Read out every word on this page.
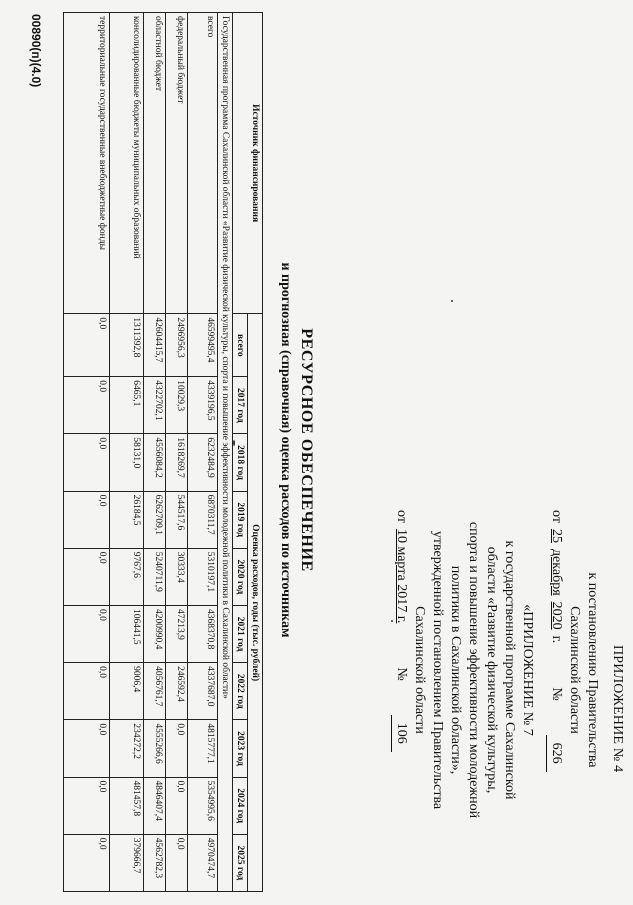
ПРИЛОЖЕНИЕ № 4
к постановлению Правительства
Сахалинской области
от
25
декабря
2020
г.
№
626
«ПРИЛОЖЕНИЕ № 7
к государственной программе Сахалинской
области «Развитие физической культуры,
спорта и повышение эффективности молодежной
политики в Сахалинской области»,
утвержденной постановлением Правительства
Сахалинской области
от
10 марта 2017 г.
№
106
РЕСУРСНОЕ ОБЕСПЕЧЕНИЕ
и прогнозная (справочная) оценка расходов по источникам
Источник финансирования	Оценка расходов, годы (тыс. рублей)									
	всего	2017 год	2018 год	2019 год	2020 год	2021 год	2022 год	2023 год	2024 год	2025 год
Государственная программа Сахалинской области «Развитие физической культуры, спорта и повышение эффективности молодежной политики в Сахалинской области»										
всего	46599495,4	4339196,5	6232484,9	6870311,7	5310197,1	4368370,8	4337687,0	4815777,1	5354995,6	4970474,7
федеральный бюджет	2496956,3	10029,3	1618269,7	544517,6	30333,4	47213,9	246592,4	0,0	0,0	0,0
областной бюджет	42604415,7	4322702,1	4556084,2	6262709,1	5240711,9	4200990,4	4056761,7	4555266,6	4846407,4	4562782,3
консолидированные бюджеты муниципальных образований	1311392,8	6465,1	58131,0	26184,5	9767,6	106441,5	9006,4	234272,2	481457,8	379666,7
территориальные государственные внебюджетные фонды	0,0	0,0	0,0	0,0	0,0	0,0	0,0	0,0	0,0	0,0
00890(п)(4.0)
